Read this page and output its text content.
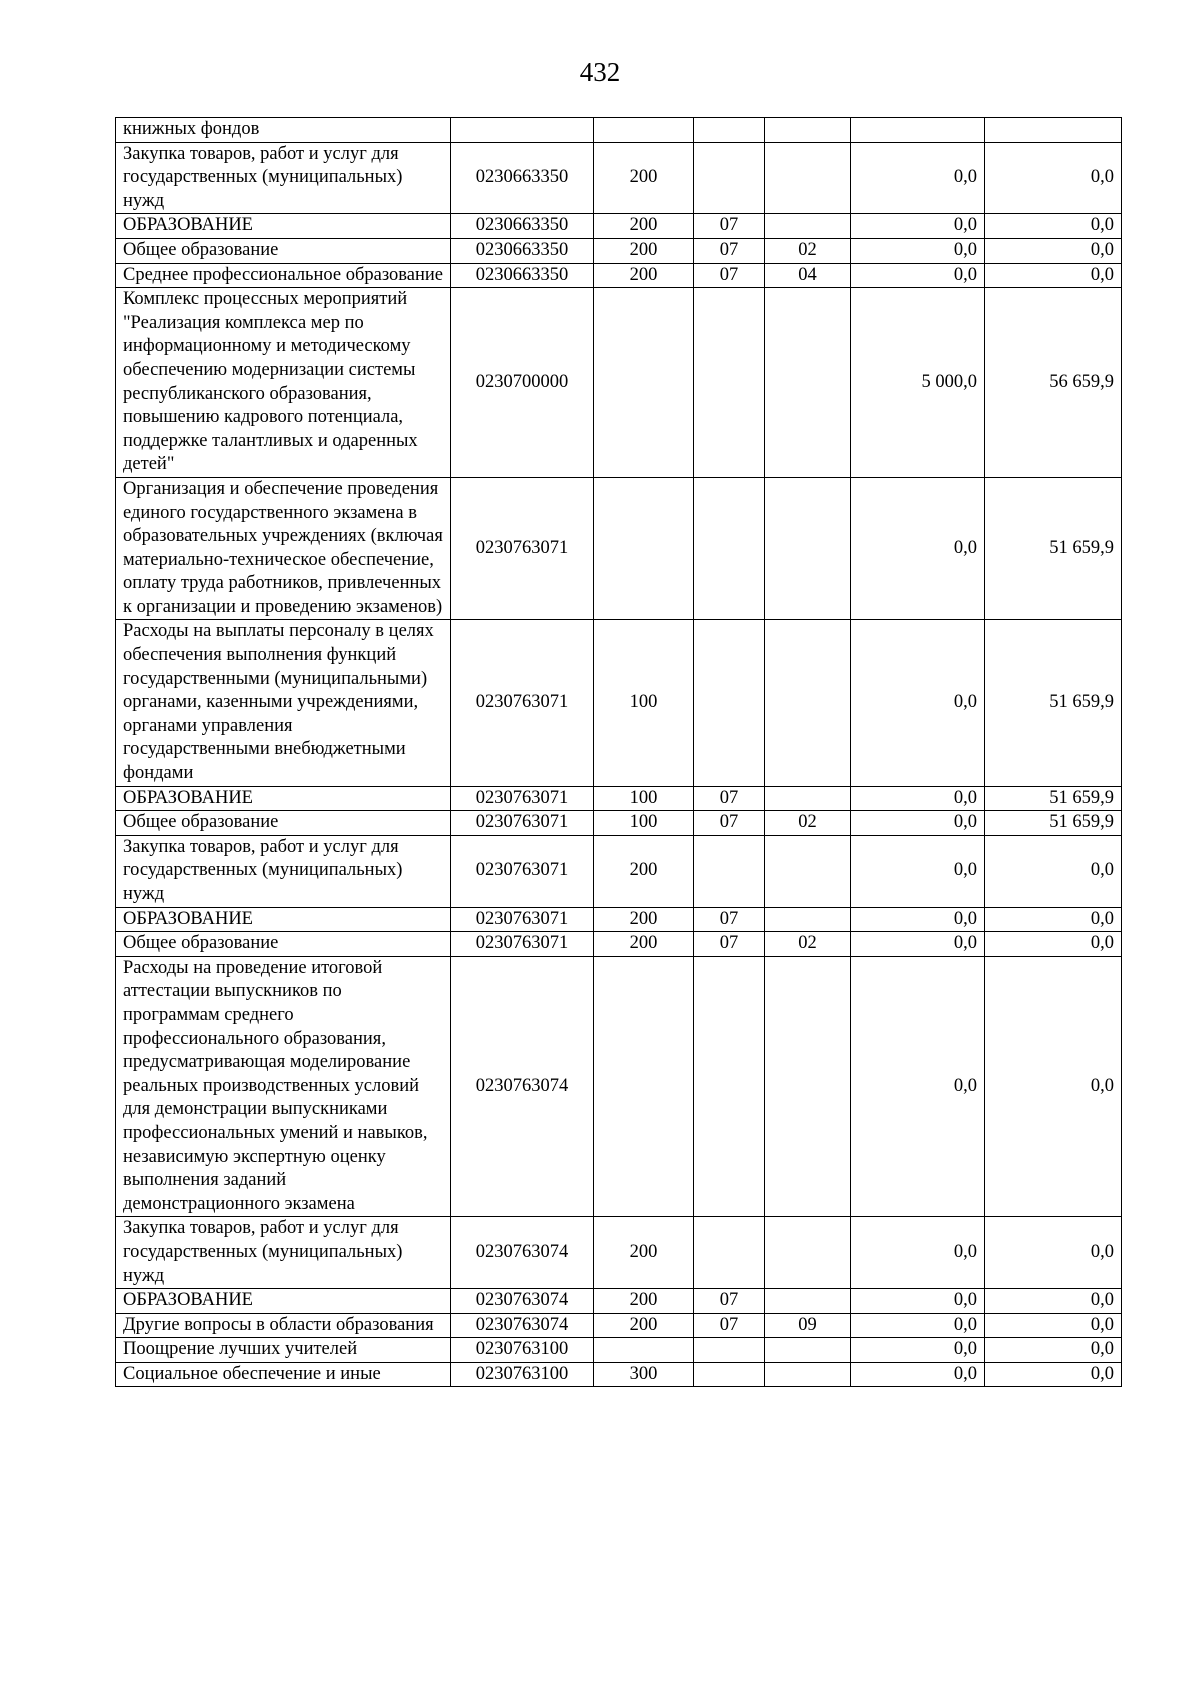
432
книжных фондов						
Закупка товаров, работ и услуг для государственных (муниципальных) нужд	0230663350	200			0,0	0,0
ОБРАЗОВАНИЕ	0230663350	200	07		0,0	0,0
Общее образование	0230663350	200	07	02	0,0	0,0
Среднее профессиональное образование	0230663350	200	07	04	0,0	0,0
Комплекс процессных мероприятий "Реализация комплекса мер по информационному и методическому обеспечению модернизации системы республиканского образования, повышению кадрового потенциала, поддержке талантливых и одаренных детей"	0230700000				5 000,0	56 659,9
Организация и обеспечение проведения единого государственного экзамена в образовательных учреждениях (включая материально-техническое обеспечение, оплату труда работников, привлеченных к организации и проведению экзаменов)	0230763071				0,0	51 659,9
Расходы на выплаты персоналу в целях обеспечения выполнения функций государственными (муниципальными) органами, казенными учреждениями, органами управления государственными внебюджетными фондами	0230763071	100			0,0	51 659,9
ОБРАЗОВАНИЕ	0230763071	100	07		0,0	51 659,9
Общее образование	0230763071	100	07	02	0,0	51 659,9
Закупка товаров, работ и услуг для государственных (муниципальных) нужд	0230763071	200			0,0	0,0
ОБРАЗОВАНИЕ	0230763071	200	07		0,0	0,0
Общее образование	0230763071	200	07	02	0,0	0,0
Расходы на проведение итоговой аттестации выпускников по программам среднего профессионального образования, предусматривающая моделирование реальных производственных условий для демонстрации выпускниками профессиональных умений и навыков, независимую экспертную оценку выполнения заданий демонстрационного экзамена	0230763074				0,0	0,0
Закупка товаров, работ и услуг для государственных (муниципальных) нужд	0230763074	200			0,0	0,0
ОБРАЗОВАНИЕ	0230763074	200	07		0,0	0,0
Другие вопросы в области образования	0230763074	200	07	09	0,0	0,0
Поощрение лучших учителей	0230763100				0,0	0,0
Социальное обеспечение и иные	0230763100	300			0,0	0,0
